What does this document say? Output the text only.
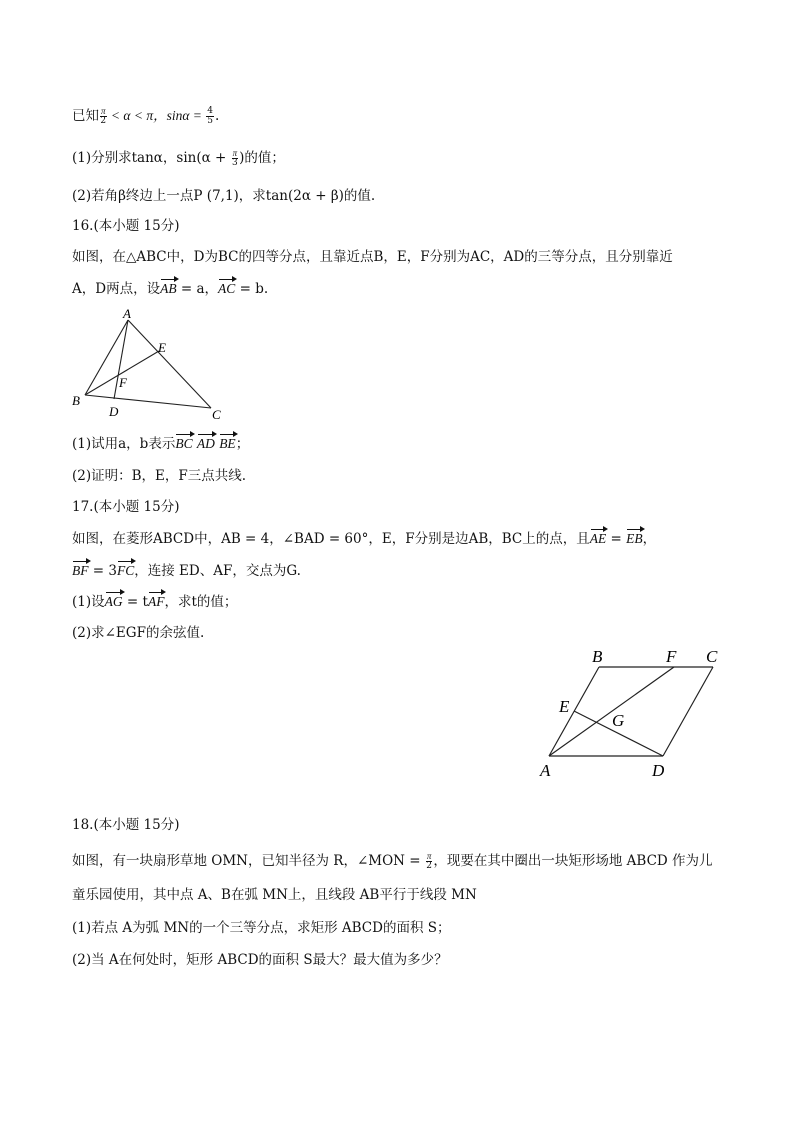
已知 $\frac{\pi}{2} < \alpha < \pi$，$\sin\alpha = \frac{4}{5}$ .
(1)分别求tanα，$\sin(\alpha + \frac{\pi}{3}$ )的值；
(2)若角β终边上一点P (7,1)，求tan(2α + β)的值.
16.(本小题 15分)
如图，在△ABC中，D为BC的四等分点，且靠近点B，E，F分别为AC，AD的三等分点，且分别靠近
A，D两点，设AB = a，AC = b.
A
B
C
D
E
F
(1)试用a，b表示BC AD BE；
(2)证明：B，E，F三点共线.
17.(本小题 15分)
如图，在菱形ABCD中，AB = 4，∠BAD = 60°，E，F分别是边AB，BC上的点，且AE = EB，
BF = 3FC，连接 ED、AF，交点为G.
(1)设AG = tAF，求t的值；
(2)求∠EGF的余弦值.
B	F C
E
G
A	D
18.(本小题 15分)
如图，有一块扇形草地 OMN，已知半径为 R，∠MON = $\frac{\pi}{2}$ ，现要在其中圈出一块矩形场地 ABCD 作为儿
童乐园使用，其中点 A、B在弧 MN上，且线段 AB平行于线段 MN
(1)若点 A为弧 MN的一个三等分点，求矩形 ABCD的面积 S；
(2)当 A在何处时，矩形 ABCD的面积 S最大？最大值为多少？
